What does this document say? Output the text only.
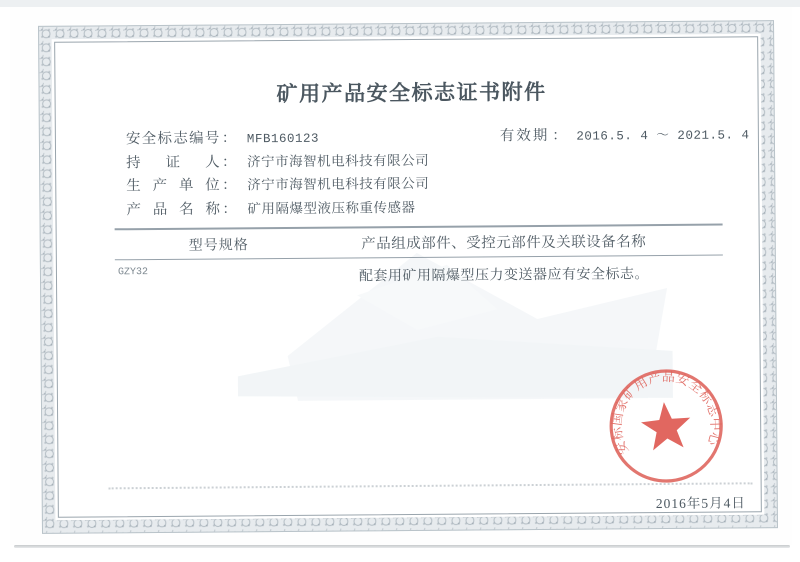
矿用产品安全标志证书附件
安 全 标 志 编 号 ： MFB160123
持 证 人 ： 济宁市海智机电科技有限公司
生 产 单 位 ： 济宁市海智机电科技有限公司
产 品 名 称 ： 矿用隔爆型液压称重传感器
有效期 ： 2016.5. 4 ～ 2021.5. 4
型号规格	产品组成部件、受控元部件及关联设备名称
GZY32	配套用矿用隔爆型压力变送器应有安全标志。
2016年5月4日
安标国家矿用产品安全标志中心
